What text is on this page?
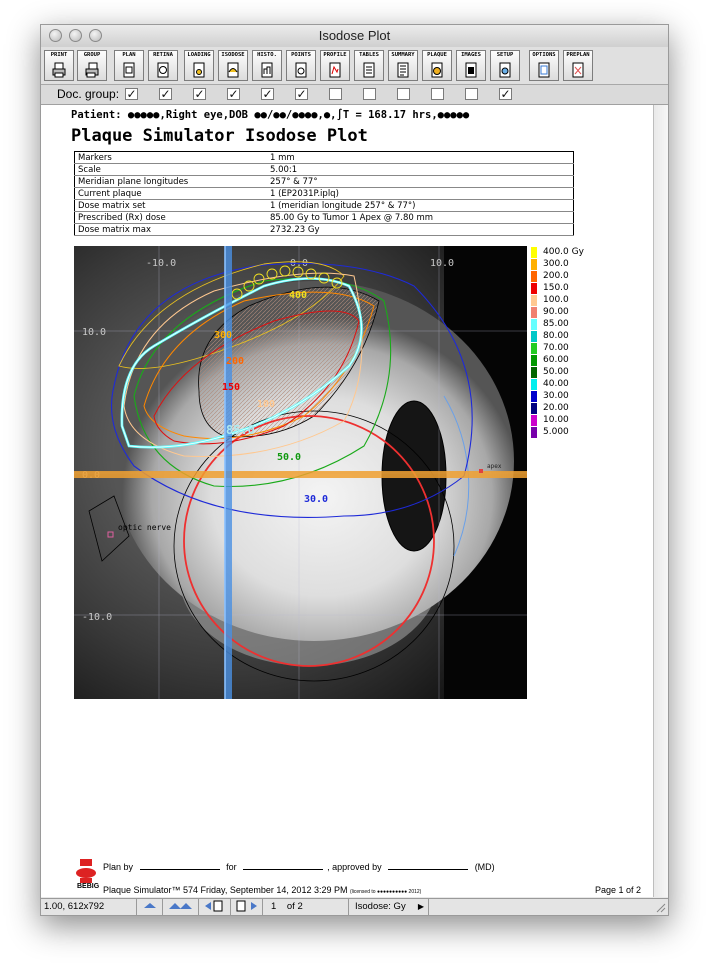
Isodose Plot
PRINT	GROUP	PLAN	RETINA	LOADING	ISODOSE	HISTO.	POINTS	PROFILE	TABLES	SUMMARY	PLAQUE	IMAGES	SETUP	OPTIONS	PREPLAN
Doc. group: ✓ ✓ ✓ ✓ ✓ ✓	✓
Patient: ●●●●●,Right eye,DOB ●●/●●/●●●●,●,∫T = 168.17 hrs,●●●●●
Plaque Simulator Isodose Plot
Markers	1 mm
Scale	5.00:1
Meridian plane longitudes	257° & 77°
Current plaque	1 (EP2031P.iplq)
Dose matrix set	1 (meridian longitude 257° & 77°)
Prescribed (Rx) dose	85.00 Gy to Tumor 1 Apex @ 7.80 mm
Dose matrix max	2732.23 Gy
-10.0	0.0	10.0
10.0
-10.0
400
300
200
150
100
85.0
50.0
30.0
optic nerve
apex
400.0 Gy
300.0
200.0
150.0
100.0
90.00
85.00
80.00
70.00
60.00
50.00
40.00
30.00
20.00
10.00
5.000
BEBIG
Plan by	for	, approved by	(MD)
Plaque Simulator™ 574 Friday, September 14, 2012 3:29 PM (licensed to ●●●●●●●●●● 2012)	Page 1 of 2
1.00, 612x792	1 of 2	Isodose: Gy ▶
